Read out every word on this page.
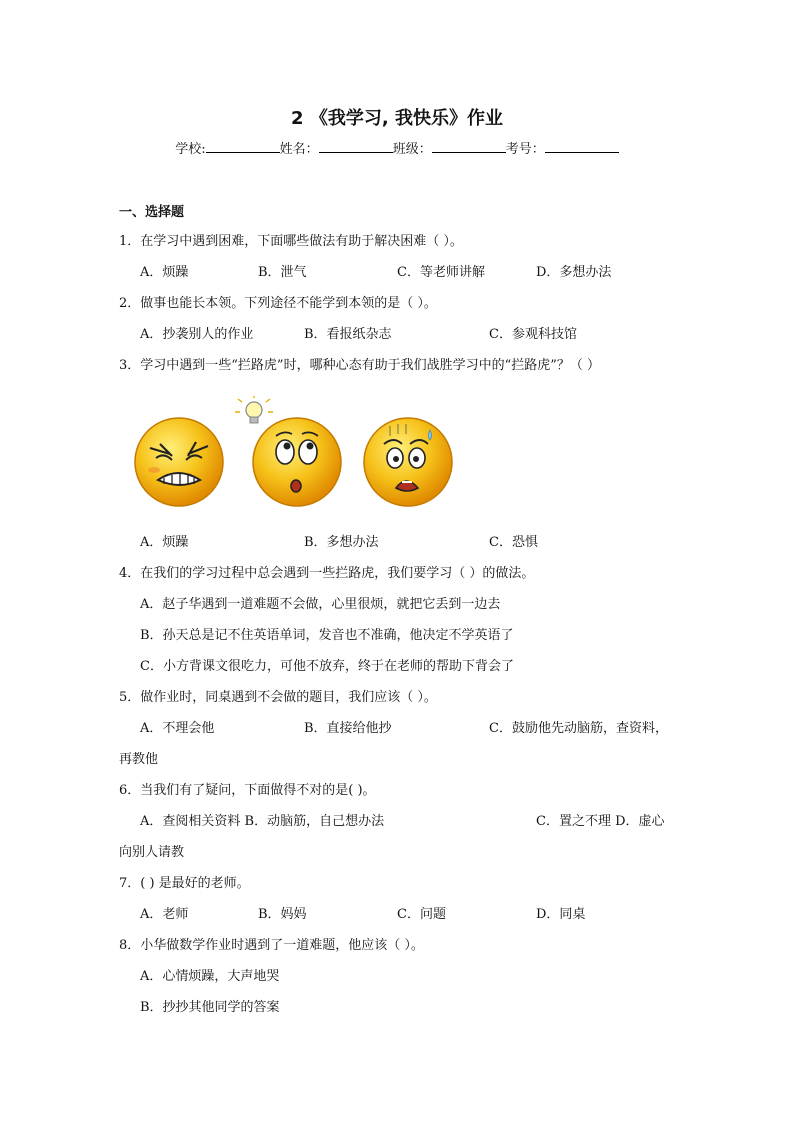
2 《我学习, 我快乐》作业
学校:	姓名：	班级：	考号：
一、选择题
1．在学习中遇到困难，下面哪些做法有助于解决困难（ ）。
A．烦躁	B．泄气	C．等老师讲解	D．多想办法
2．做事也能长本领。下列途径不能学到本领的是（ ）。
A．抄袭别人的作业	B．看报纸杂志	C．参观科技馆
3．学习中遇到一些“拦路虎”时，哪种心态有助于我们战胜学习中的“拦路虎”？（ ）
A．烦躁	B．多想办法	C．恐惧
4．在我们的学习过程中总会遇到一些拦路虎，我们要学习（ ）的做法。
A．赵子华遇到一道难题不会做，心里很烦，就把它丢到一边去
B．孙天总是记不住英语单词，发音也不准确，他决定不学英语了
C．小方背课文很吃力，可他不放弃，终于在老师的帮助下背会了
5．做作业时，同桌遇到不会做的题目，我们应该（ ）。
A．不理会他	B．直接给他抄	C．鼓励他先动脑筋，查资料，
再教他
6．当我们有了疑问，下面做得不对的是( )。
A．查阅相关资料 B．动脑筋，自己想办法	C．置之不理 D．虚心
向别人请教
7．( ) 是最好的老师。
A．老师	B．妈妈	C．问题	D．同桌
8．小华做数学作业时遇到了一道难题，他应该（ ）。
A．心情烦躁，大声地哭
B．抄抄其他同学的答案
